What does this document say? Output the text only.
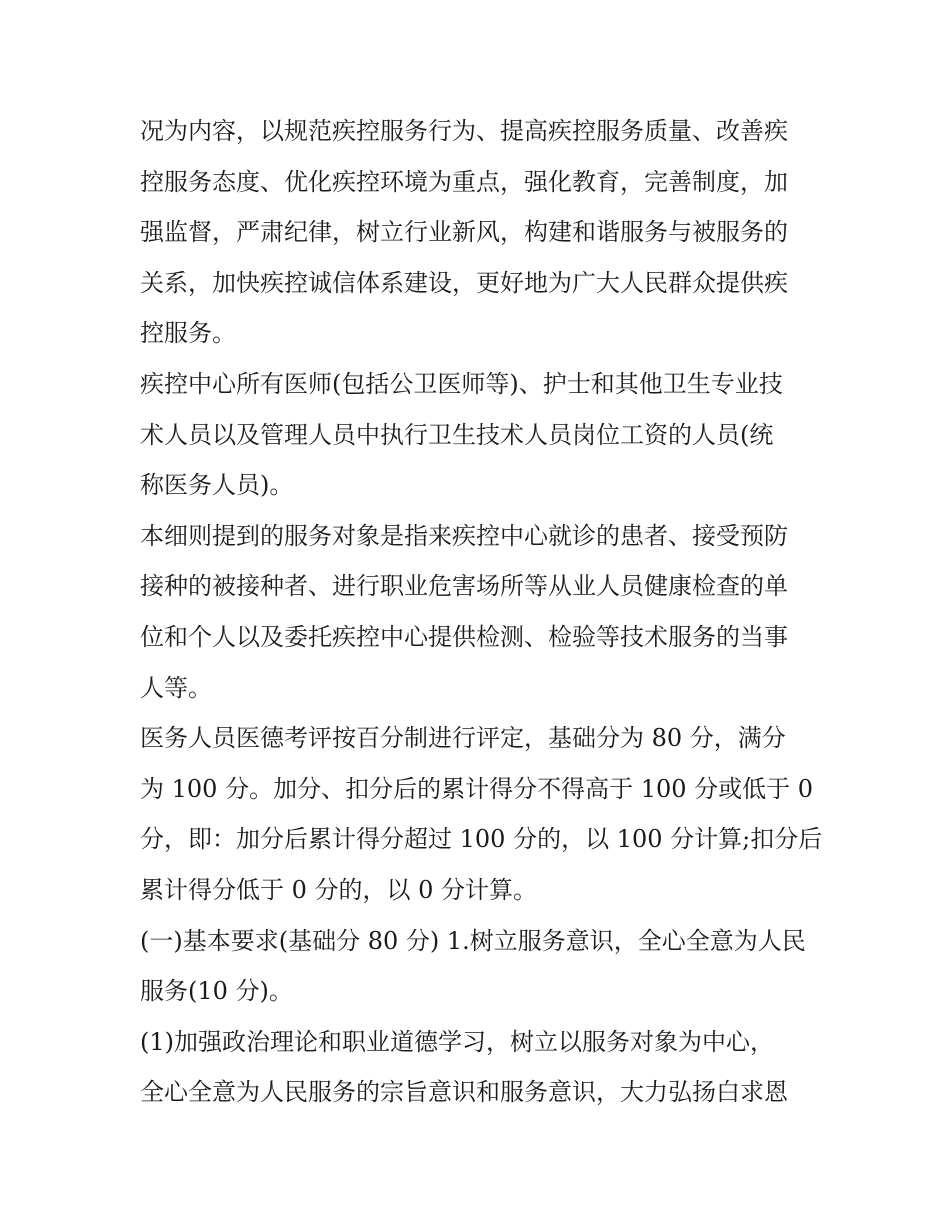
况为内容，以规范疾控服务行为、提高疾控服务质量、改善疾
控服务态度、优化疾控环境为重点，强化教育，完善制度，加
强监督，严肃纪律，树立行业新风，构建和谐服务与被服务的
关系，加快疾控诚信体系建设，更好地为广大人民群众提供疾
控服务。
疾控中心所有医师(包括公卫医师等)、护士和其他卫生专业技
术人员以及管理人员中执行卫生技术人员岗位工资的人员(统
称医务人员)。
本细则提到的服务对象是指来疾控中心就诊的患者、接受预防
接种的被接种者、进行职业危害场所等从业人员健康检查的单
位和个人以及委托疾控中心提供检测、检验等技术服务的当事
人等。
医务人员医德考评按百分制进行评定，基础分为 80 分，满分
为 100 分。加分、扣分后的累计得分不得高于 100 分或低于 0
分，即：加分后累计得分超过 100 分的，以 100 分计算;扣分后
累计得分低于 0 分的，以 0 分计算。
(一)基本要求(基础分 80 分) 1.树立服务意识，全心全意为人民
服务(10 分)。
(1)加强政治理论和职业道德学习，树立以服务对象为中心，
全心全意为人民服务的宗旨意识和服务意识，大力弘扬白求恩
